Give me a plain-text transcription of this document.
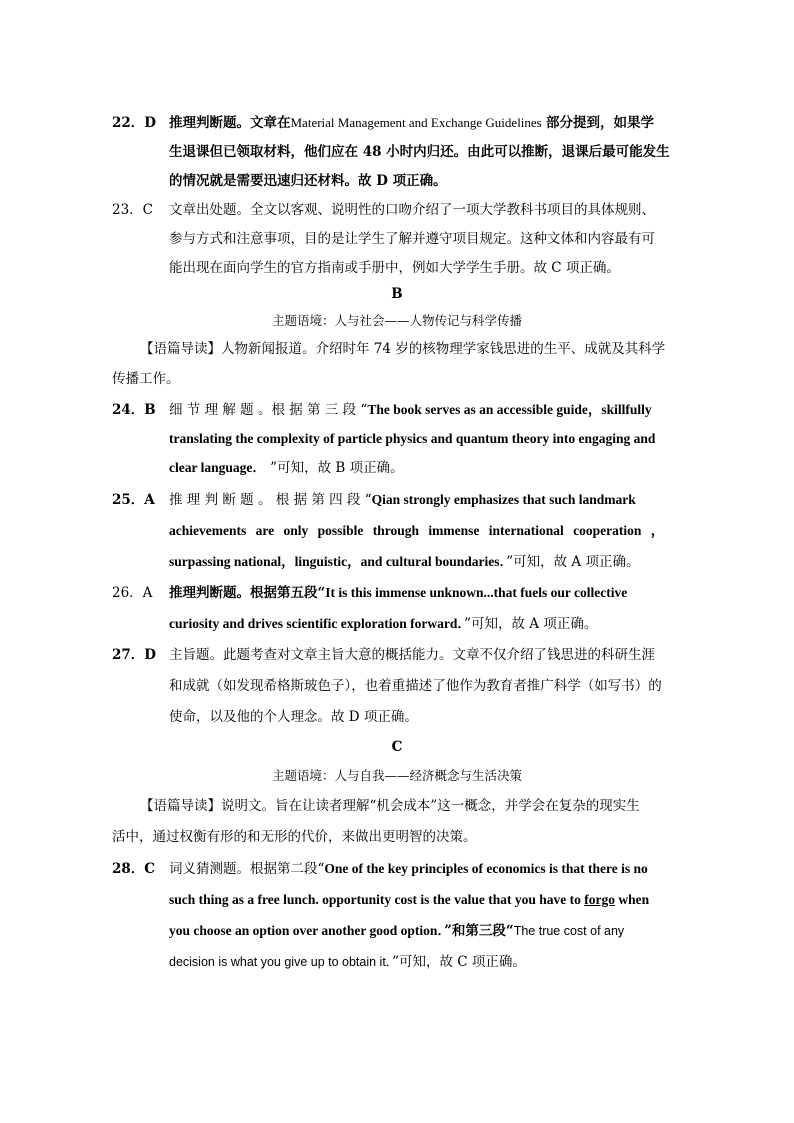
22．D 推理判断题。文章在Material Management and Exchange Guidelines 部分提到，如果学
生退课但已领取材料，他们应在 48 小时内归还。由此可以推断，退课后最可能发生
的情况就是需要迅速归还材料。故 D 项正确。
23．C 文章出处题。全文以客观、说明性的口吻介绍了一项大学教科书项目的具体规则、
参与方式和注意事项，目的是让学生了解并遵守项目规定。这种文体和内容最有可
能出现在面向学生的官方指南或手册中，例如大学学生手册。故 C 项正确。
B
主题语境：人与社会——人物传记与科学传播
【语篇导读】人物新闻报道。介绍时年 74 岁的核物理学家钱思进的生平、成就及其科学
传播工作。
24．B 细 节 理 解 题 。根 据 第 三 段 “The book serves as an accessible guide，skillfully
translating the complexity of particle physics and quantum theory into engaging and
clear language． ”可知，故 B 项正确。
25．A 推 理 判 断 题 。 根 据 第 四 段 “Qian strongly emphasizes that such landmark
achievements are only possible through immense international cooperation ，
surpassing national，linguistic，and cultural boundaries．”可知，故 A 项正确。
26．A 推理判断题。根据第五段“It is this immense unknown...that fuels our collective
curiosity and drives scientific exploration forward．”可知，故 A 项正确。
27．D 主旨题。此题考查对文章主旨大意的概括能力。文章不仅介绍了钱思进的科研生涯
和成就（如发现希格斯玻色子），也着重描述了他作为教育者推广科学（如写书）的
使命，以及他的个人理念。故 D 项正确。
C
主题语境：人与自我——经济概念与生活决策
【语篇导读】说明文。旨在让读者理解“机会成本”这一概念，并学会在复杂的现实生
活中，通过权衡有形的和无形的代价，来做出更明智的决策。
28．C 词义猜测题。根据第二段“One of the key principles of economics is that there is no
such thing as a free lunch. opportunity cost is the value that you have to forgo when
you choose an option over another good option．”和第三段“The true cost of any
decision is what you give up to obtain it．”可知，故 C 项正确。
